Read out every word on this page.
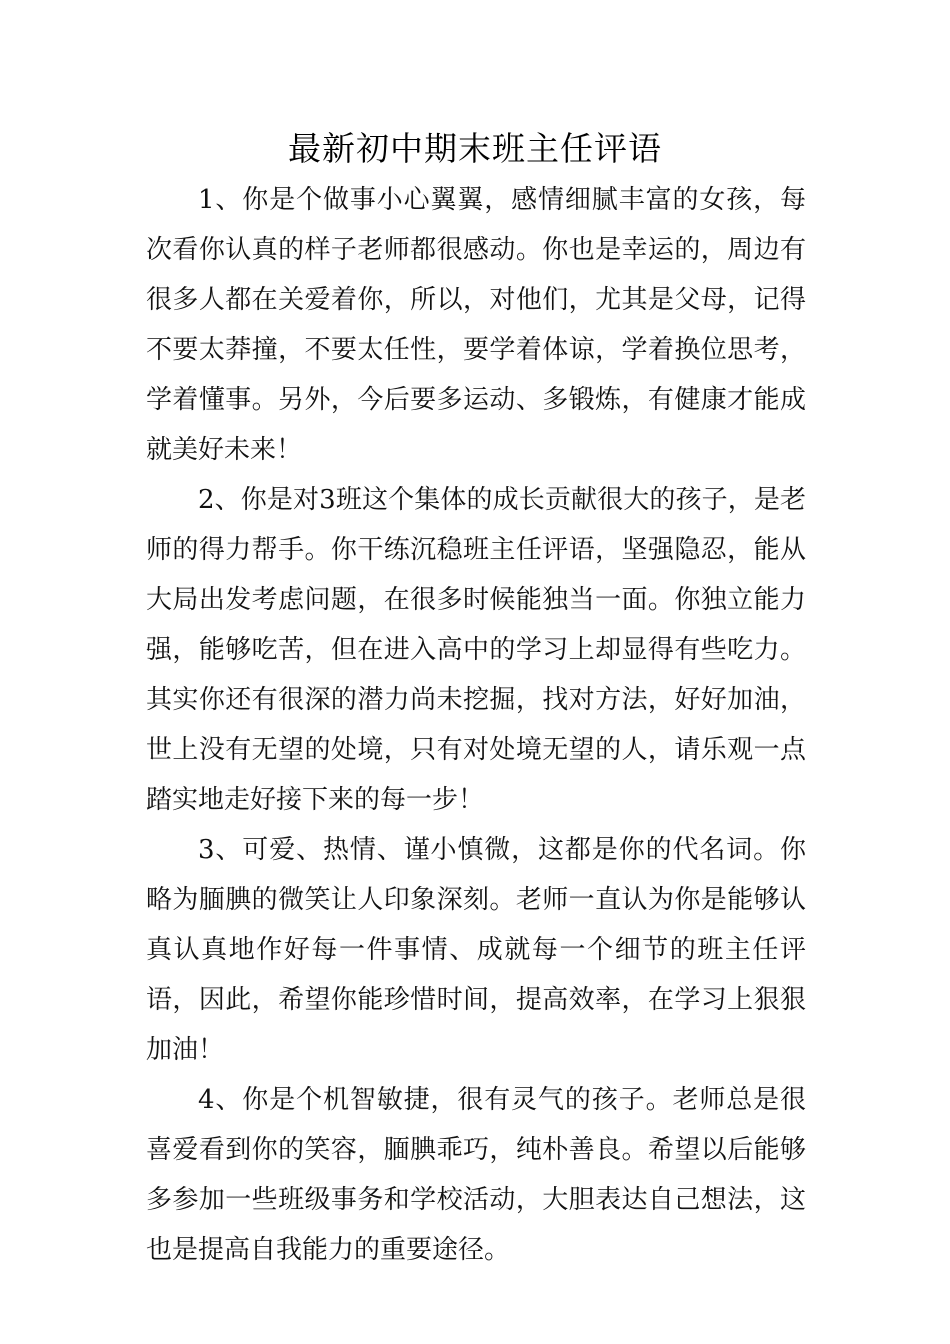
最新初中期末班主任评语

1、你是个做事小心翼翼，感情细腻丰富的女孩，每次看你认真的样子老师都很感动。你也是幸运的，周边有很多人都在关爱着你，所以，对他们，尤其是父母，记得不要太莽撞，不要太任性，要学着体谅，学着换位思考，学着懂事。另外，今后要多运动、多锻炼，有健康才能成就美好未来！

2、你是对3班这个集体的成长贡献很大的孩子，是老师的得力帮手。你干练沉稳班主任评语，坚强隐忍，能从大局出发考虑问题，在很多时候能独当一面。你独立能力强，能够吃苦，但在进入高中的学习上却显得有些吃力。其实你还有很深的潜力尚未挖掘，找对方法，好好加油，世上没有无望的处境，只有对处境无望的人，请乐观一点踏实地走好接下来的每一步！

3、可爱、热情、谨小慎微，这都是你的代名词。你略为腼腆的微笑让人印象深刻。老师一直认为你是能够认真认真地作好每一件事情、成就每一个细节的班主任评语，因此，希望你能珍惜时间，提高效率，在学习上狠狠加油！

4、你是个机智敏捷，很有灵气的孩子。老师总是很喜爱看到你的笑容，腼腆乖巧，纯朴善良。希望以后能够多参加一些班级事务和学校活动，大胆表达自己想法，这也是提高自我能力的重要途径。
